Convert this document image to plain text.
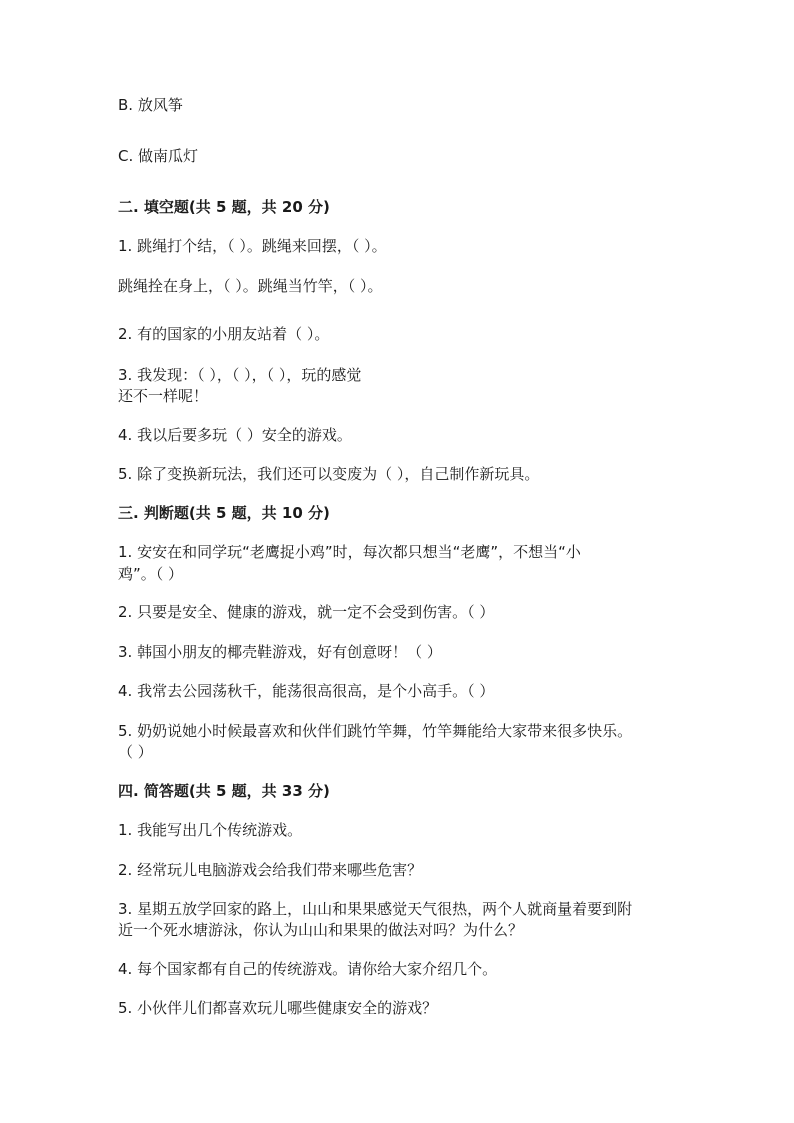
B. 放风筝
C. 做南瓜灯
二. 填空题(共 5 题，共 20 分)
1. 跳绳打个结，（ ）。跳绳来回摆，（ ）。
跳绳拴在身上，（ ）。跳绳当竹竿，（ ）。
2. 有的国家的小朋友站着（ ）。
3. 我发现：（ ），（ ），（ ），玩的感觉
还不一样呢！
4. 我以后要多玩（ ）安全的游戏。
5. 除了变换新玩法，我们还可以变废为（ ），自己制作新玩具。
三. 判断题(共 5 题，共 10 分)
1. 安安在和同学玩“老鹰捉小鸡”时，每次都只想当“老鹰”，不想当“小
鸡”。（ ）
2. 只要是安全、健康的游戏，就一定不会受到伤害。（ ）
3. 韩国小朋友的椰壳鞋游戏，好有创意呀！（ ）
4. 我常去公园荡秋千，能荡很高很高，是个小高手。（ ）
5. 奶奶说她小时候最喜欢和伙伴们跳竹竿舞，竹竿舞能给大家带来很多快乐。
（ ）
四. 简答题(共 5 题，共 33 分)
1. 我能写出几个传统游戏。
2. 经常玩儿电脑游戏会给我们带来哪些危害？
3. 星期五放学回家的路上，山山和果果感觉天气很热，两个人就商量着要到附
近一个死水塘游泳，你认为山山和果果的做法对吗？为什么？
4. 每个国家都有自己的传统游戏。请你给大家介绍几个。
5. 小伙伴儿们都喜欢玩儿哪些健康安全的游戏？
